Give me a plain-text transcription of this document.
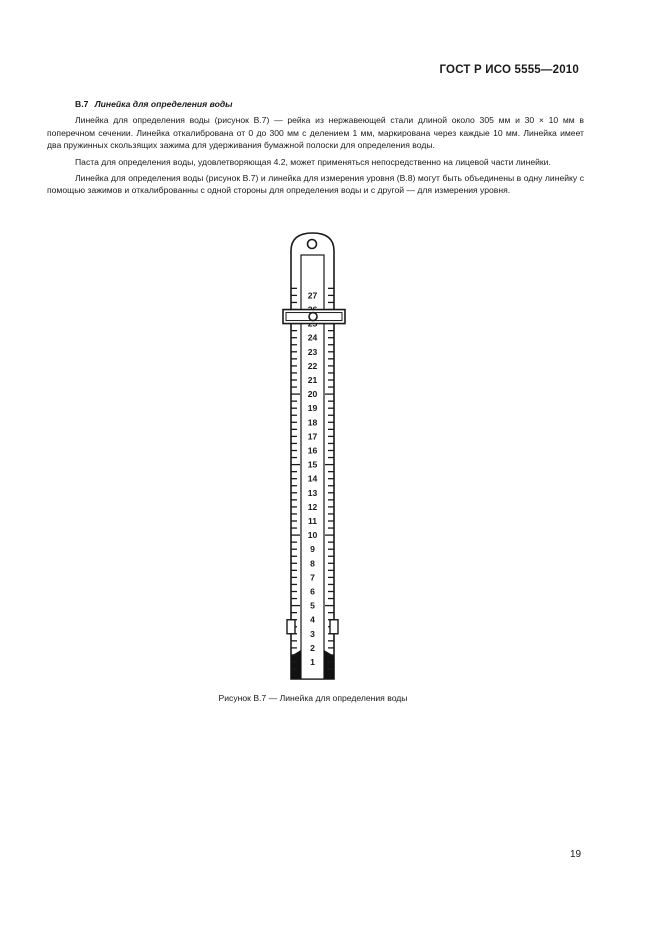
ГОСТ Р ИСО 5555—2010
B.7 Линейка для определения воды

Линейка для определения воды (рисунок В.7) — рейка из нержавеющей стали длиной около 305 мм и 30 × 10 мм в поперечном сечении. Линейка откалибрована от 0 до 300 мм с делением 1 мм, маркирована через каждые 10 мм. Линейка имеет два пружинных скользящих зажима для удерживания бумажной полоски для определения воды.

Паста для определения воды, удовлетворяющая 4.2, может применяться непосредственно на лицевой части линейки.

Линейка для определения воды (рисунок В.7) и линейка для измерения уровня (В.8) могут быть объединены в одну линейку с помощью зажимов и откалиброванны с одной стороны для определения воды и с другой — для измерения уровня.

27
24
23
22
21
20
19
18
17
16
15
14
13
12
11
10
9
8
7
6
5
4
3
2
1
Рисунок В.7 — Линейка для определения воды
19
